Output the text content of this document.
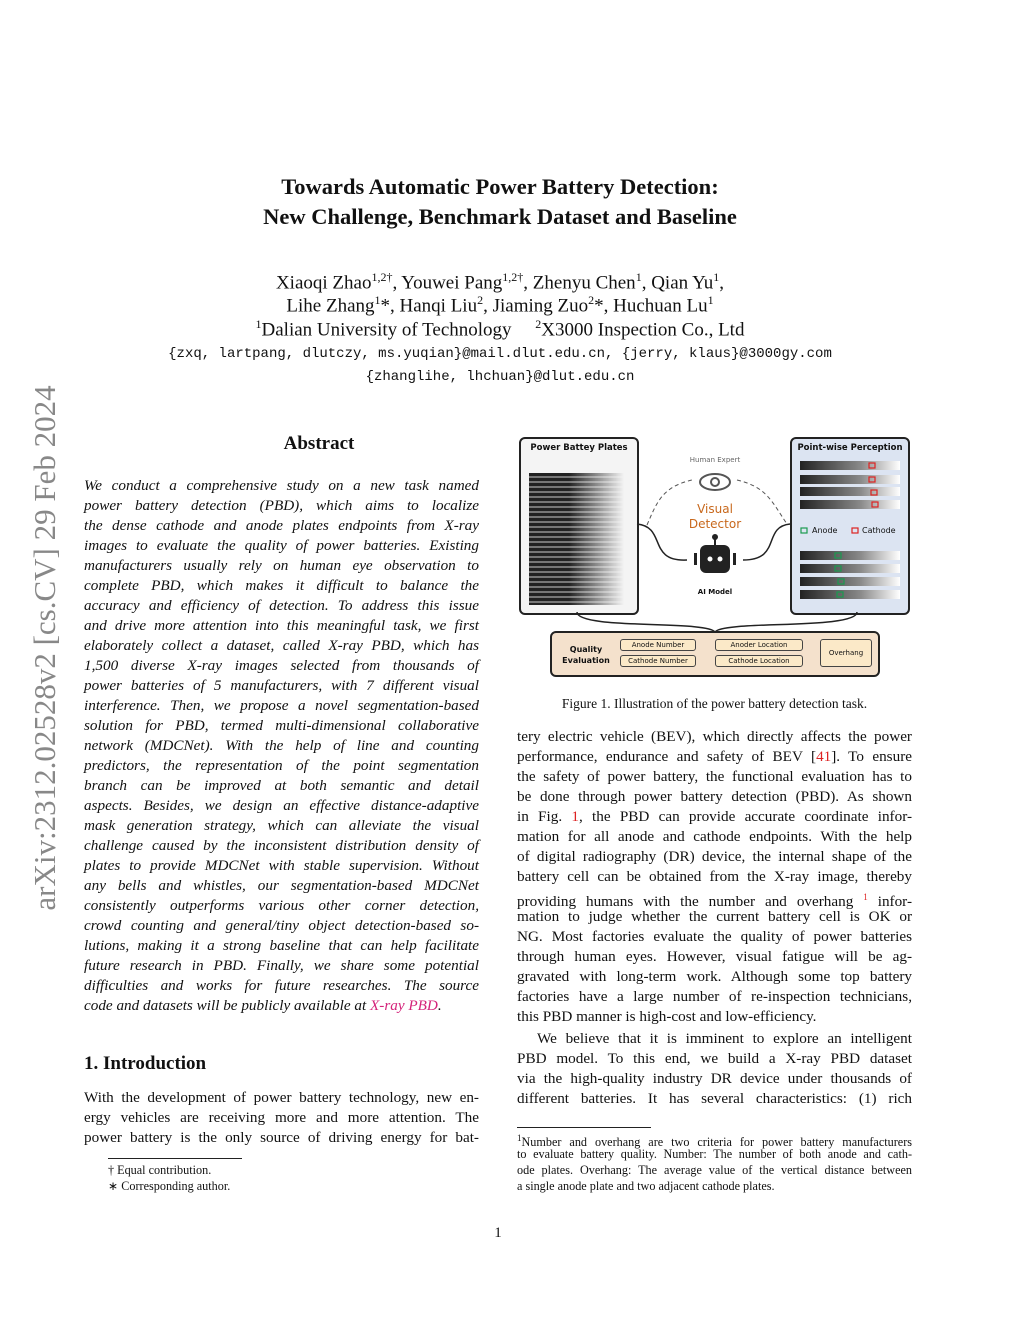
arXiv:2312.02528v2 [cs.CV] 29 Feb 2024
Towards Automatic Power Battery Detection:
New Challenge, Benchmark Dataset and Baseline
Xiaoqi Zhao$^{1,2\dagger}$, Youwei Pang$^{1,2\dagger}$, Zhenyu Chen$^1$, Qian Yu$^1$,
Lihe Zhang$^1$*, Hanqi Liu$^2$, Jiaming Zuo$^2$*, Huchuan Lu$^1$
$^1$Dalian University of Technology $^2$X3000 Inspection Co., Ltd
{zxq, lartpang, dlutczy, ms.yuqian}@mail.dlut.edu.cn, {jerry, klaus}@3000gy.com
{zhanglihe, lhchuan}@dlut.edu.cn
Abstract
We conduct a comprehensive study on a new task named
power battery detection (PBD), which aims to localize
the dense cathode and anode plates endpoints from X-ray
images to evaluate the quality of power batteries. Existing
manufacturers usually rely on human eye observation to
complete PBD, which makes it difficult to balance the
accuracy and efficiency of detection. To address this issue
and drive more attention into this meaningful task, we first
elaborately collect a dataset, called X-ray PBD, which has
1,500 diverse X-ray images selected from thousands of
power batteries of 5 manufacturers, with 7 different visual
interference. Then, we propose a novel segmentation-based
solution for PBD, termed multi-dimensional collaborative
network (MDCNet). With the help of line and counting
predictors, the representation of the point segmentation
branch can be improved at both semantic and detail
aspects. Besides, we design an effective distance-adaptive
mask generation strategy, which can alleviate the visual
challenge caused by the inconsistent distribution density of
plates to provide MDCNet with stable supervision. Without
any bells and whistles, our segmentation-based MDCNet
consistently outperforms various other corner detection,
crowd counting and general/tiny object detection-based so-
lutions, making it a strong baseline that can help facilitate
future research in PBD. Finally, we share some potential
difficulties and works for future researches. The source
code and datasets will be publicly available at X-ray PBD.
1. Introduction
With the development of power battery technology, new en-
ergy vehicles are receiving more and more attention. The
power battery is the only source of driving energy for bat-
† Equal contribution.
∗ Corresponding author.
Power Battey Plates	Point-wise Perception
Anode	Cathode
Human Expert
Visual
Detector
AI Model
Quality
Evaluation
Anode Number
Cathode Number
Anoder Location
Cathode Location
Overhang
Figure 1. Illustration of the power battery detection task.
tery electric vehicle (BEV), which directly affects the power
performance, endurance and safety of BEV [41]. To ensure
the safety of power battery, the functional evaluation has to
be done through power battery detection (PBD). As shown
in Fig. 1, the PBD can provide accurate coordinate infor-
mation for all anode and cathode endpoints. With the help
of digital radiography (DR) device, the internal shape of the
battery cell can be obtained from the X-ray image, thereby
providing humans with the number and overhang $^1$ infor-
mation to judge whether the current battery cell is OK or
NG. Most factories evaluate the quality of power batteries
through human eyes. However, visual fatigue will be ag-
gravated with long-term work. Although some top battery
factories have a large number of re-inspection technicians,
this PBD manner is high-cost and low-efficiency.
We believe that it is imminent to explore an intelligent
PBD model. To this end, we build a X-ray PBD dataset
via the high-quality industry DR device under thousands of
different batteries. It has several characteristics: (1) rich
$^1$Number and overhang are two criteria for power battery manufacturers
to evaluate battery quality. Number: The number of both anode and cath-
ode plates. Overhang: The average value of the vertical distance between
a single anode plate and two adjacent cathode plates.
1
